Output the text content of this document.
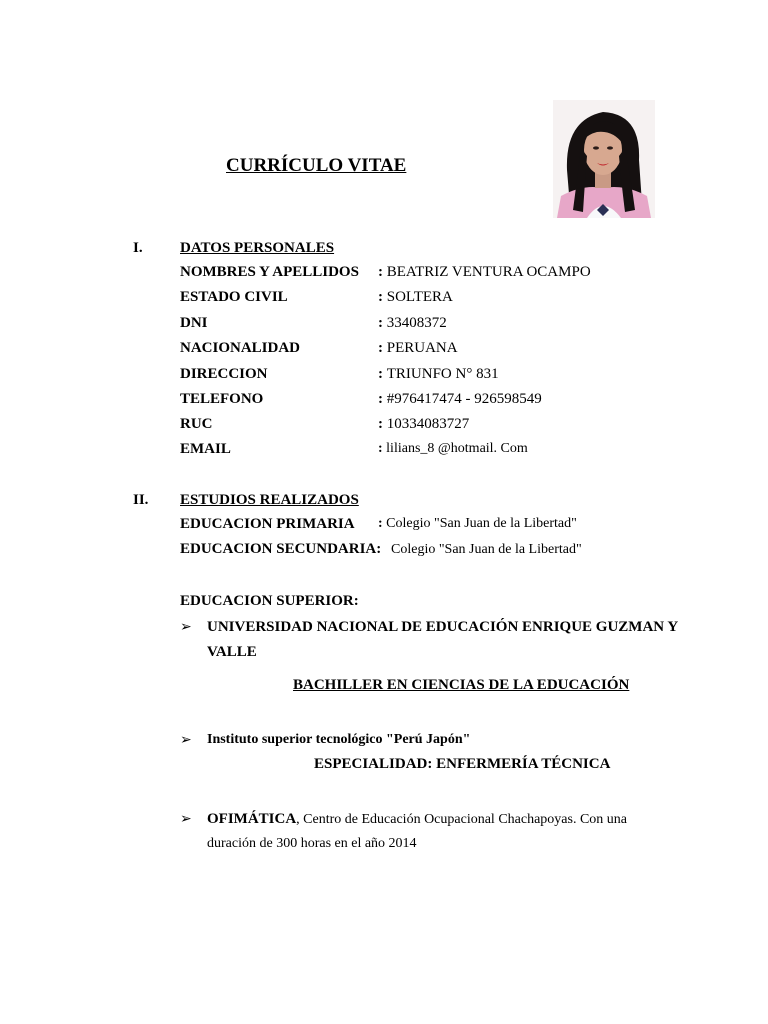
CURRÍCULO VITAE
I. DATOS PERSONALES
NOMBRES Y APELLIDOS : BEATRIZ VENTURA OCAMPO
ESTADO CIVIL	: SOLTERA
DNI	: 33408372
NACIONALIDAD	: PERUANA
DIRECCION	: TRIUNFO N° 831
TELEFONO	: #976417474 - 926598549
RUC	: 10334083727
EMAIL	: lilians_8 @hotmail. Com
II. ESTUDIOS REALIZADOS
EDUCACION PRIMARIA : Colegio "San Juan de la Libertad"
EDUCACION SECUNDARIA: Colegio "San Juan de la Libertad"
EDUCACION SUPERIOR:
➢ UNIVERSIDAD NACIONAL DE EDUCACIÓN ENRIQUE GUZMAN Y
VALLE
BACHILLER EN CIENCIAS DE LA EDUCACIÓN
➢ Instituto superior tecnológico "Perú Japón"
ESPECIALIDAD: ENFERMERÍA TÉCNICA
➢ OFIMÁTICA, Centro de Educación Ocupacional Chachapoyas. Con una
duración de 300 horas en el año 2014
